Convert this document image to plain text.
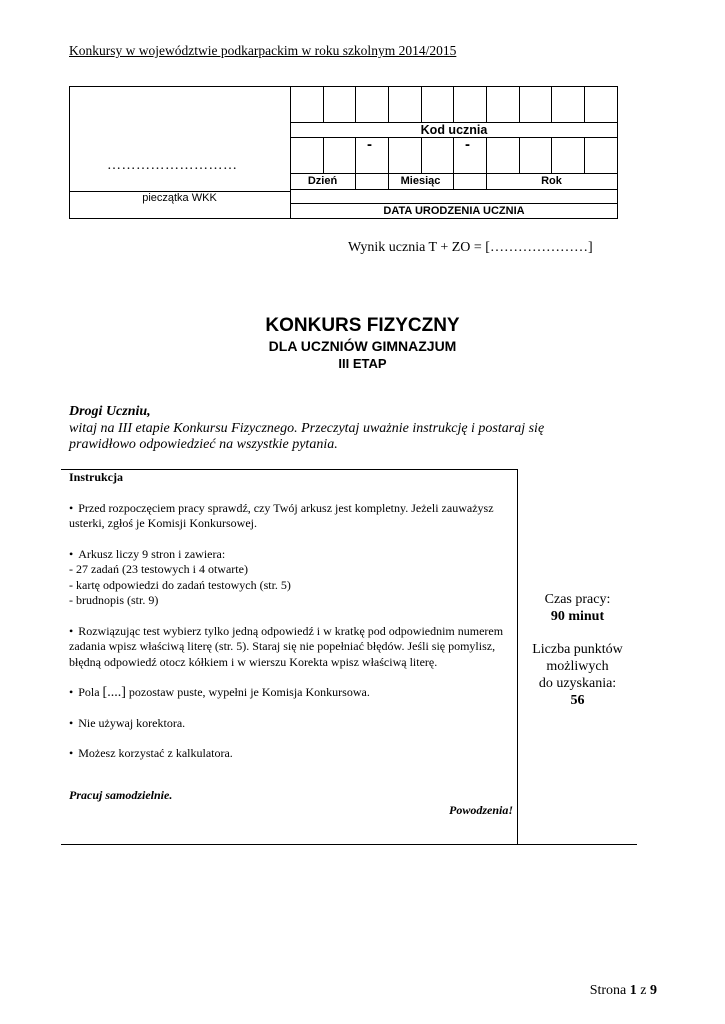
Konkursy w województwie podkarpackim w roku szkolnym 2014/2015
………………………
pieczątka WKK
Kod ucznia
-	-
Dzień	Miesiąc	Rok
DATA URODZENIA UCZNIA
Wynik ucznia T + ZO = […………………]
KONKURS FIZYCZNY
DLA UCZNIÓW GIMNAZJUM
III ETAP
Drogi Uczniu,
witaj na III etapie Konkursu Fizycznego. Przeczytaj uważnie instrukcję i postaraj się
prawidłowo odpowiedzieć na wszystkie pytania.

Instrukcja

• Przed rozpoczęciem pracy sprawdź, czy Twój arkusz jest kompletny. Jeżeli zauważysz usterki, zgłoś je Komisji Konkursowej.

• Arkusz liczy 9 stron i zawiera:

- 27 zadań (23 testowych i 4 otwarte)

- kartę odpowiedzi do zadań testowych (str. 5)

- brudnopis (str. 9)

• Rozwiązując test wybierz tylko jedną odpowiedź i w kratkę pod odpowiednim numerem zadania wpisz właściwą literę (str. 5). Staraj się nie popełniać błędów. Jeśli się pomylisz, błędną odpowiedź otocz kółkiem i w wierszu Korekta wpisz właściwą literę.

• Pola [....] pozostaw puste, wypełni je Komisja Konkursowa.

• Nie używaj korektora.

• Możesz korzystać z kalkulatora.

Pracuj samodzielnie.

Powodzenia!

Czas pracy:

90 minut

Liczba punktów

możliwych

do uzyskania:

56

Strona 1 z 9
